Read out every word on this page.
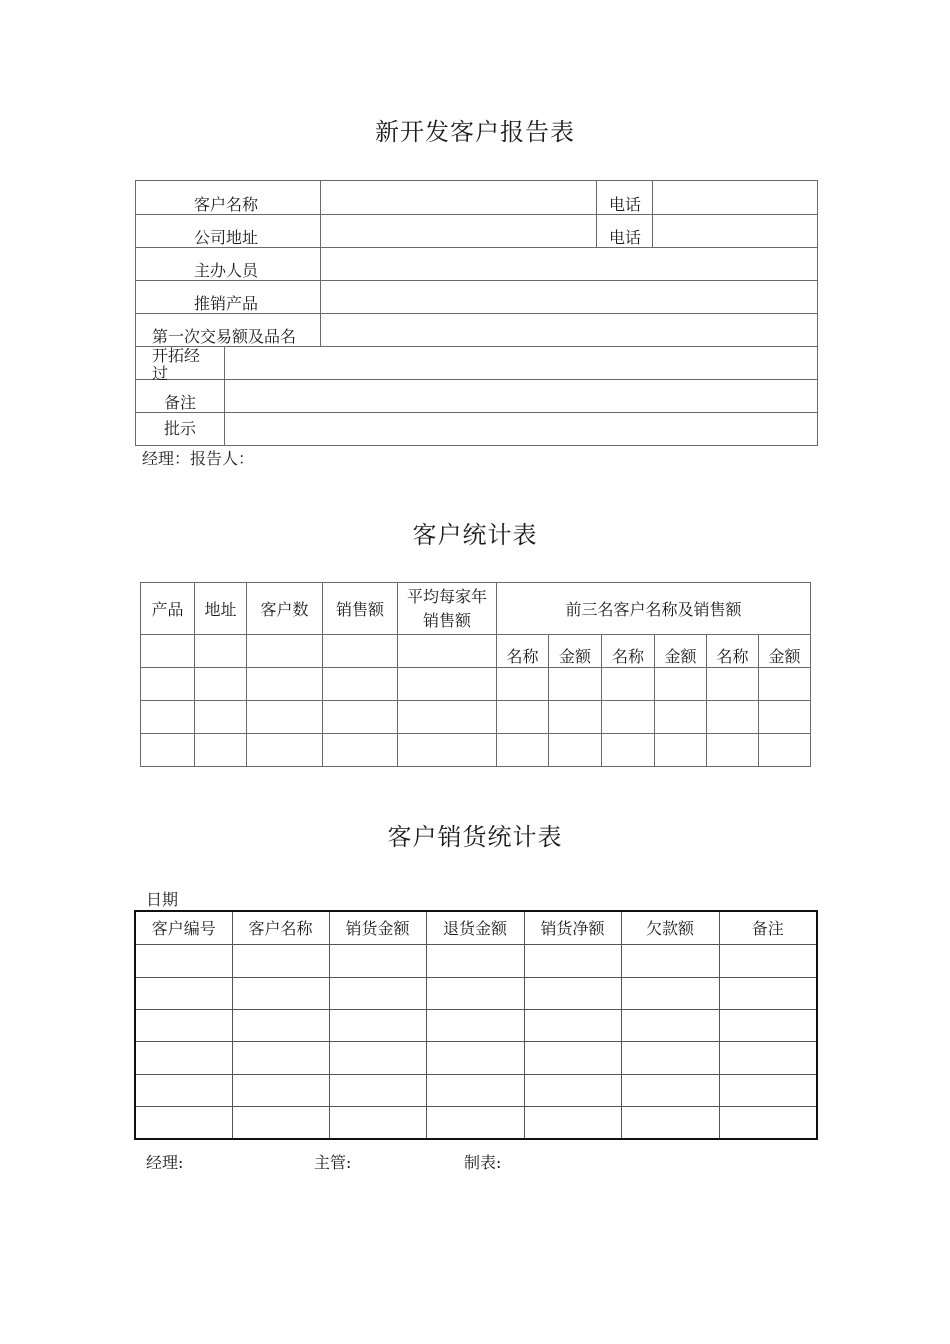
新开发客户报告表
客户名称			电话	

公司地址			电话	

主办人员				

推销产品				

第一次交易额及品名				

开拓经过				

备注				

批示				

经理：报告人：
客户统计表
产品	地址	客户数	销售额	平均每家年销售额	前三名客户名称及销售额					
					名称	金额	名称	金额	名称	金额

客户销货统计表
日期
客户编号	客户名称	销货金额	退货金额	销货净额	欠款额	备注

经理:	主管:	制表:
